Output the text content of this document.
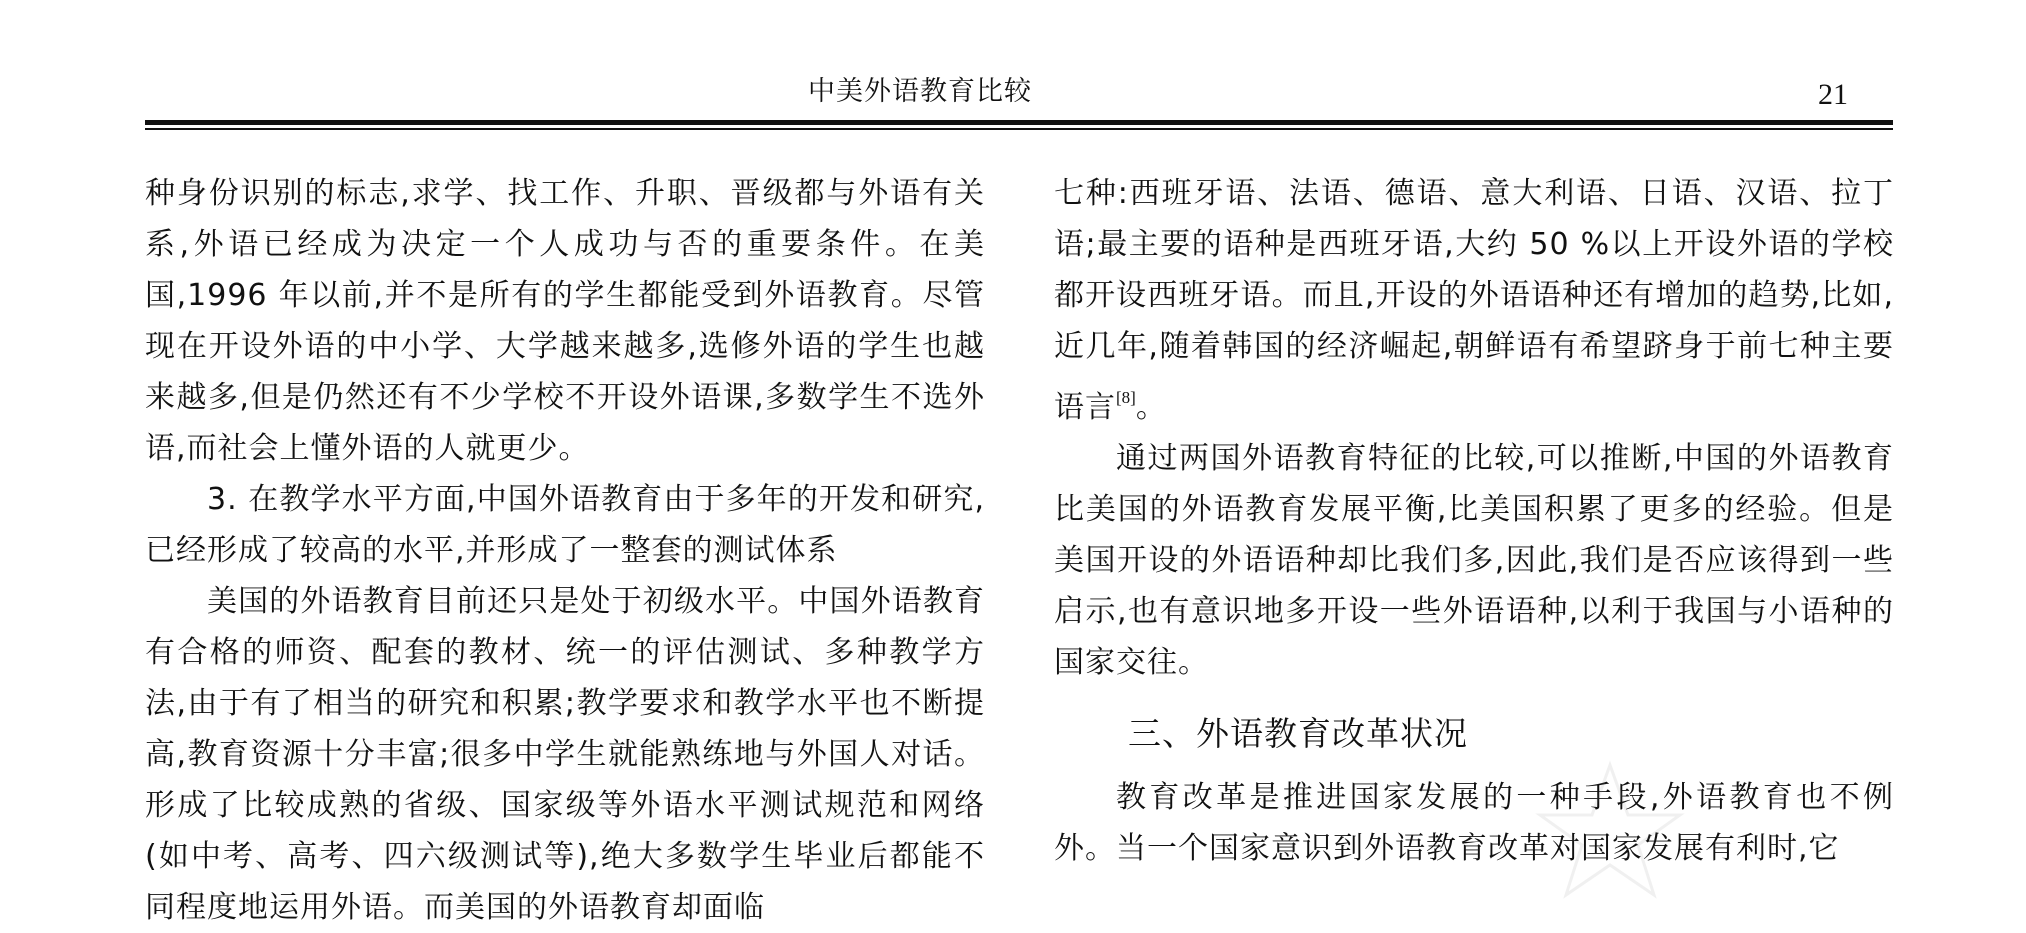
中美外语教育比较	21

种身份识别的标志,求学、找工作、升职、晋级都与外语有关系,外语已经成为决定一个人成功与否的重要条件。在美国,1996 年以前,并不是所有的学生都能受到外语教育。尽管现在开设外语的中小学、大学越来越多,选修外语的学生也越来越多,但是仍然还有不少学校不开设外语课,多数学生不选外语,而社会上懂外语的人就更少。

3. 在教学水平方面,中国外语教育由于多年的开发和研究,已经形成了较高的水平,并形成了一整套的测试体系

美国的外语教育目前还只是处于初级水平。中国外语教育有合格的师资、配套的教材、统一的评估测试、多种教学方法,由于有了相当的研究和积累;教学要求和教学水平也不断提高,教育资源十分丰富;很多中学生就能熟练地与外国人对话。形成了比较成熟的省级、国家级等外语水平测试规范和网络(如中考、高考、四六级测试等),绝大多数学生毕业后都能不同程度地运用外语。而美国的外语教育却面临

七种:西班牙语、法语、德语、意大利语、日语、汉语、拉丁语;最主要的语种是西班牙语,大约 50 %以上开设外语的学校都开设西班牙语。而且,开设的外语语种还有增加的趋势,比如,近几年,随着韩国的经济崛起,朝鲜语有希望跻身于前七种主要语言[8]。

通过两国外语教育特征的比较,可以推断,中国的外语教育比美国的外语教育发展平衡,比美国积累了更多的经验。但是美国开设的外语语种却比我们多,因此,我们是否应该得到一些启示,也有意识地多开设一些外语语种,以利于我国与小语种的国家交往。

三、外语教育改革状况

教育改革是推进国家发展的一种手段,外语教育也不例外。当一个国家意识到外语教育改革对国家发展有利时,它
